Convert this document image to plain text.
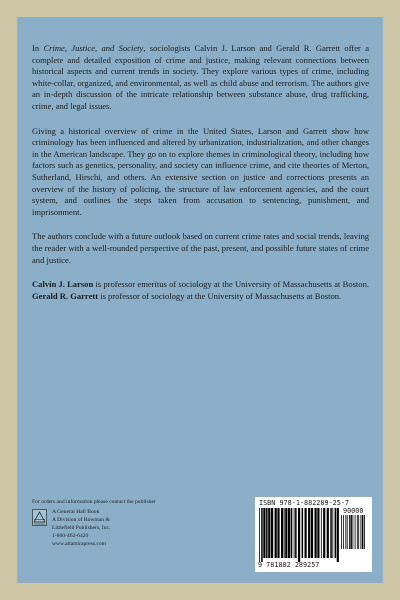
In Crime, Justice, and Society, sociologists Calvin J. Larson and Gerald R. Garrett offer a complete and detailed exposition of crime and justice, making relevant connections between historical aspects and current trends in society. They explore various types of crime, including white-collar, organized, and environmental, as well as child abuse and terrorism. The authors give an in-depth discussion of the intricate relationship between substance abuse, drug trafficking, crime, and legal issues.

Giving a historical overview of crime in the United States, Larson and Garrett show how criminology has been influenced and altered by urbanization, industrialization, and other changes in the American landscape. They go on to explore themes in criminological theory, including how factors such as genetics, personality, and society can influence crime, and cite theories of Merton, Sutherland, Hirschi, and others. An extensive section on justice and corrections presents an overview of the history of policing, the structure of law enforcement agencies, and the court system, and outlines the steps taken from accusation to sentencing, punishment, and imprisonment.

The authors conclude with a future outlook based on current crime rates and social trends, leaving the reader with a well-rounded perspective of the past, present, and possible future states of crime and justice.

Calvin J. Larson is professor emeritus of sociology at the University of Massachusetts at Boston. Gerald R. Garrett is professor of sociology at the University of Massachusetts at Boston.

For orders and information please contact the publisher
A General Hall Book
A Division of Rowman &
Littlefield Publishers, Inc.
1-800-462-6420
www.altamirapress.com
ISBN 978-1-882289-25-7
90000
9 781882 289257
